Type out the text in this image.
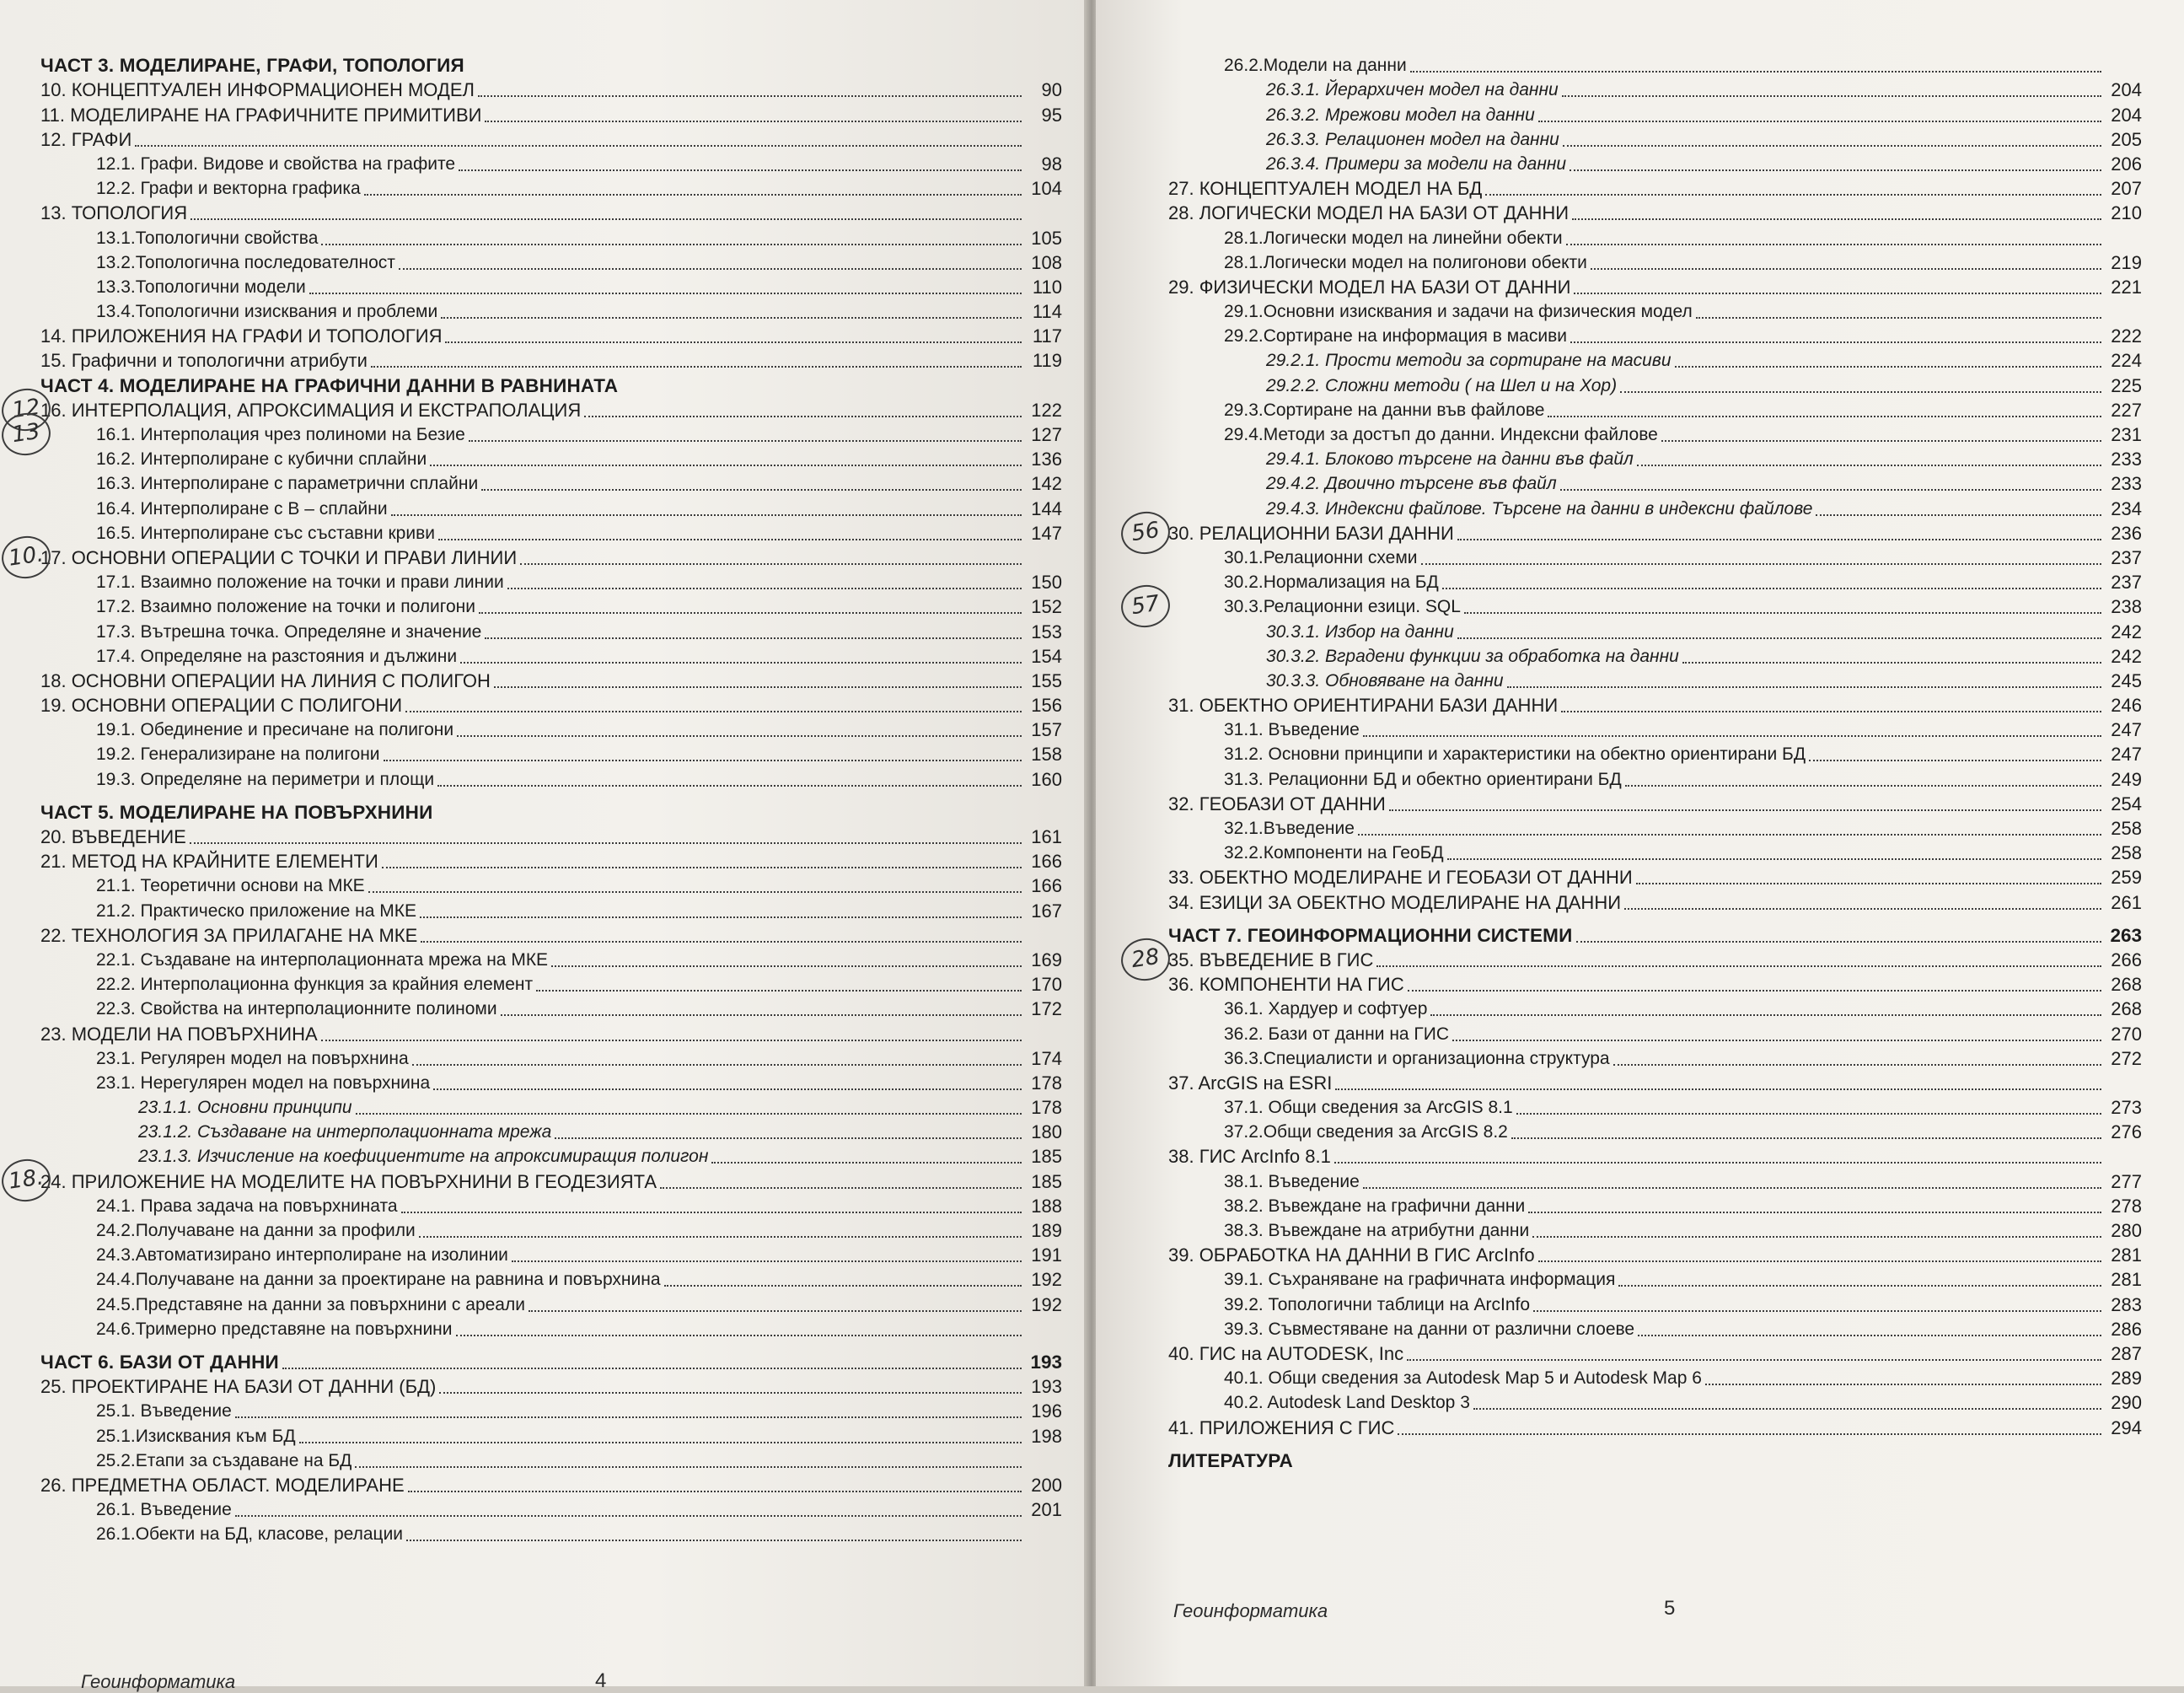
ЧАСТ 3. МОДЕЛИРАНЕ, ГРАФИ, ТОПОЛОГИЯ
10. КОНЦЕПТУАЛЕН ИНФОРМАЦИОНЕН МОДЕЛ	90
11. МОДЕЛИРАНЕ НА ГРАФИЧНИТЕ ПРИМИТИВИ	95
12. ГРАФИ
12.1. Графи. Видове и свойства на графите	98
12.2. Графи и векторна графика	104
13. ТОПОЛОГИЯ
13.1.Топологични свойства	105
13.2.Топологична последователност	108
13.3.Топологични модели	110
13.4.Топологични изисквания и проблеми	114
14. ПРИЛОЖЕНИЯ НА ГРАФИ И ТОПОЛОГИЯ	117
15. Графични и топологични атрибути	119
ЧАСТ 4. МОДЕЛИРАНЕ НА ГРАФИЧНИ ДАННИ В РАВНИНАТА
16. ИНТЕРПОЛАЦИЯ, АПРОКСИМАЦИЯ И ЕКСТРАПОЛАЦИЯ	122
16.1. Интерполация чрез полиноми на Безие	127
16.2. Интерполиране с кубични сплайни	136
16.3. Интерполиране с параметрични сплайни	142
16.4. Интерполиране с В – сплайни	144
16.5. Интерполиране със съставни криви	147
17. ОСНОВНИ ОПЕРАЦИИ С ТОЧКИ И ПРАВИ ЛИНИИ
17.1. Взаимно положение на точки и прави линии	150
17.2. Взаимно положение на точки и полигони	152
17.3. Вътрешна точка. Определяне и значение	153
17.4. Определяне на разстояния и дължини	154
18. ОСНОВНИ ОПЕРАЦИИ НА ЛИНИЯ С ПОЛИГОН	155
19. ОСНОВНИ ОПЕРАЦИИ С ПОЛИГОНИ	156
19.1. Обединение и пресичане на полигони	157
19.2. Генерализиране на полигони	158
19.3. Определяне на периметри и площи	160
ЧАСТ 5. МОДЕЛИРАНЕ НА ПОВЪРХНИНИ
20. ВЪВЕДЕНИЕ	161
21. МЕТОД НА КРАЙНИТЕ ЕЛЕМЕНТИ	166
21.1. Теоретични основи на МКЕ	166
21.2. Практическо приложение на МКЕ	167
22. ТЕХНОЛОГИЯ ЗА ПРИЛАГАНЕ НА МКЕ
22.1. Създаване на интерполационната мрежа на МКЕ	169
22.2. Интерполационна функция за крайния елемент	170
22.3. Свойства на интерполационните полиноми	172
23. МОДЕЛИ НА ПОВЪРХНИНА
23.1. Регулярен модел на повърхнина	174
23.1. Нерегулярен модел на повърхнина	178
23.1.1. Основни принципи	178
23.1.2. Създаване на интерполационната мрежа	180
23.1.3. Изчисление на коефициентите на апроксимиращия полигон	185
24. ПРИЛОЖЕНИЕ НА МОДЕЛИТЕ НА ПОВЪРХНИНИ В ГЕОДЕЗИЯТА	185
24.1. Права задача на повърхнината	188
24.2.Получаване на данни за профили	189
24.3.Автоматизирано интерполиране на изолинии	191
24.4.Получаване на данни за проектиране на равнина и повърхнина	192
24.5.Представяне на данни за повърхнини с ареали	192
24.6.Тримерно представяне на повърхнини
ЧАСТ 6. БАЗИ ОТ ДАННИ	193
25. ПРОЕКТИРАНЕ НА БАЗИ ОТ ДАННИ (БД)	193
25.1. Въведение	196
25.1.Изисквания към БД	198
25.2.Етапи за създаване на БД
26. ПРЕДМЕТНА ОБЛАСТ. МОДЕЛИРАНЕ	200
26.1. Въведение	201
26.1.Обекти на БД, класове, релации
Геоинформатика	4
12
13
10.
18.
26.2.Модели на данни
26.3.1. Йерархичен модел на данни	204
26.3.2. Мрежови модел на данни	204
26.3.3. Релационен модел на данни	205
26.3.4. Примери за модели на данни	206
27. КОНЦЕПТУАЛЕН МОДЕЛ НА БД	207
28. ЛОГИЧЕСКИ МОДЕЛ НА БАЗИ ОТ ДАННИ	210
28.1.Логически модел на линейни обекти
28.1.Логически модел на полигонови обекти	219
29. ФИЗИЧЕСКИ МОДЕЛ НА БАЗИ ОТ ДАННИ	221
29.1.Основни изисквания и задачи на физическия модел
29.2.Сортиране на информация в масиви	222
29.2.1. Прости методи за сортиране на масиви	224
29.2.2. Сложни методи ( на Шел и на Хор)	225
29.3.Сортиране на данни във файлове	227
29.4.Методи за достъп до данни. Индексни файлове	231
29.4.1. Блоково търсене на данни във файл	233
29.4.2. Двоично търсене във файл	233
29.4.3. Индексни файлове. Търсене на данни в индексни файлове	234
30. РЕЛАЦИОННИ БАЗИ ДАННИ	236
30.1.Релационни схеми	237
30.2.Нормализация на БД	237
30.3.Релационни езици. SQL	238
30.3.1. Избор на данни	242
30.3.2. Вградени функции за обработка на данни	242
30.3.3. Обновяване на данни	245
31. ОБЕКТНО ОРИЕНТИРАНИ БАЗИ ДАННИ	246
31.1. Въведение	247
31.2. Основни принципи и характеристики на обектно ориентирани БД	247
31.3. Релационни БД и обектно ориентирани БД	249
32. ГЕОБАЗИ ОТ ДАННИ	254
32.1.Въведение	258
32.2.Компоненти на ГеоБД	258
33. ОБЕКТНО МОДЕЛИРАНЕ И ГЕОБАЗИ ОТ ДАННИ	259
34. ЕЗИЦИ ЗА ОБЕКТНО МОДЕЛИРАНЕ НА ДАННИ	261
ЧАСТ 7. ГЕОИНФОРМАЦИОННИ СИСТЕМИ	263
35. ВЪВЕДЕНИЕ В ГИС	266
36. КОМПОНЕНТИ НА ГИС	268
36.1. Хардуер и софтуер	268
36.2. Бази от данни на ГИС	270
36.3.Специалисти и организационна структура	272
37. ArcGIS на ESRI
37.1. Общи сведения за ArcGIS 8.1	273
37.2.Общи сведения за ArcGIS 8.2	276
38. ГИС ArcInfo 8.1
38.1. Въведение	277
38.2. Въвеждане на графични данни	278
38.3. Въвеждане на атрибутни данни	280
39. ОБРАБОТКА НА ДАННИ В ГИС ArcInfo	281
39.1. Съхраняване на графичната информация	281
39.2. Топологични таблици на ArcInfo	283
39.3. Съвместяване на данни от различни слоеве	286
40. ГИС на AUTODESK, Inc	287
40.1. Общи сведения за Autodesk Map 5 и Autodesk Map 6	289
40.2. Autodesk Land Desktop 3	290
41. ПРИЛОЖЕНИЯ С ГИС	294
ЛИТЕРАТУРА
Геоинформатика	5
56
57
28
